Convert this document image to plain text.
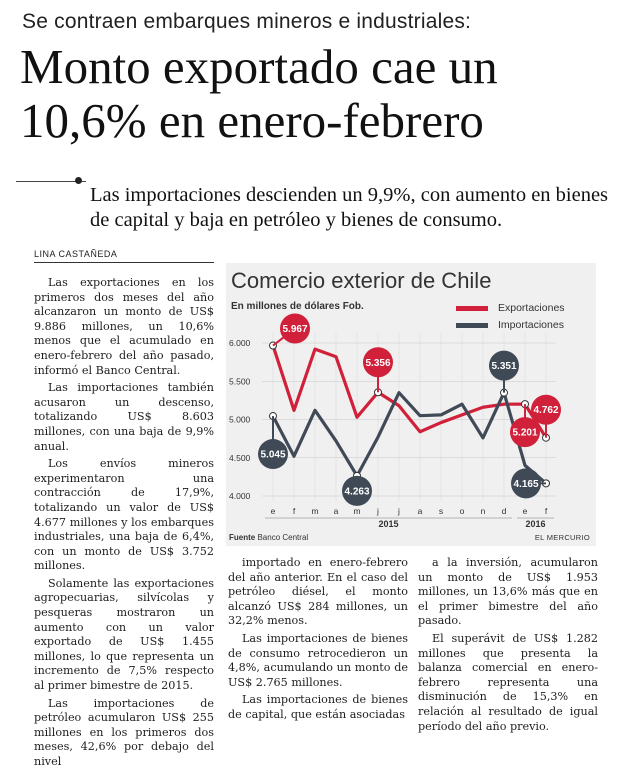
Se contraen embarques mineros e industriales:
Monto exportado cae un
10,6% en enero-febrero
Las importaciones descienden un 9,9%, con aumento en bienes de capital y baja en petróleo y bienes de consumo.
LINA CASTAÑEDA

Las exportaciones en los primeros dos meses del año alcanzaron un monto de US$ 9.886 millones, un 10,6% menos que el acumulado en enero-febrero del año pasado, informó el Banco Central.

Las importaciones también acusaron un descenso, totalizando US$ 8.603 millones, con una baja de 9,9% anual.

Los envíos mineros experimentaron una contracción de 17,9%, totalizando un valor de US$ 4.677 millones y los embarques industriales, una baja de 6,4%, con un monto de US$ 3.752 millones.

Solamente las exportaciones agropecuarias, silvícolas y pesqueras mostraron un aumento con un valor exportado de US$ 1.455 millones, lo que representa un incremento de 7,5% respecto al primer bimestre de 2015.

Las importaciones de petróleo acumularon US$ 255 millones en los primeros dos meses, 42,6% por debajo del nivel

importado en enero-febrero del año anterior. En el caso del petróleo diésel, el monto alcanzó US$ 284 millones, un 32,2% menos.

Las importaciones de bienes de consumo retrocedieron un 4,8%, acumulando un monto de US$ 2.765 millones.

Las importaciones de bienes de capital, que están asociadas

a la inversión, acumularon un monto de US$ 1.953 millones, un 13,6% más que en el primer bimestre del año pasado.

El superávit de US$ 1.282 millones que presenta la balanza comercial en enero-febrero representa una disminución de 15,3% en relación al resultado de igual período del año previo.

Comercio exterior de Chile
En millones de dólares Fob.	Exportaciones
Importaciones
6.000
5.500
5.000
4.500
4.000
e f m a m j j a s o n d e f
2015	2016
5.967
5.356
5.045
4.263
5.351
5.201
4.762
4.165
Fuente Banco Central	EL MERCURIO
